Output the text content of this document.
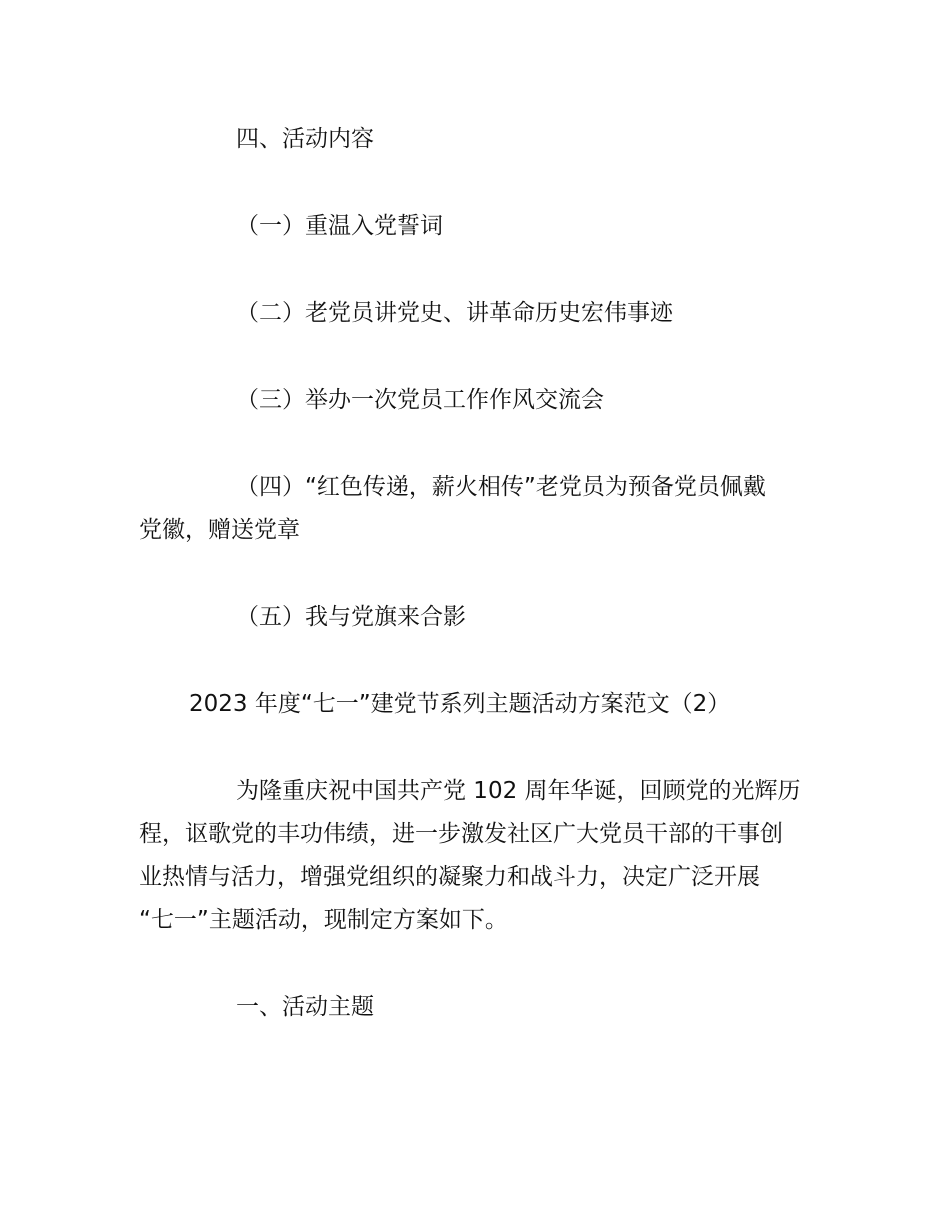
四、活动内容

（一）重温入党誓词

（二）老党员讲党史、讲革命历史宏伟事迹

（三）举办一次党员工作作风交流会

（四）“红色传递，薪火相传”老党员为预备党员佩戴

党徽，赠送党章

（五）我与党旗来合影

2023 年度“七一”建党节系列主题活动方案范文（2）

为隆重庆祝中国共产党 102 周年华诞，回顾党的光辉历

程，讴歌党的丰功伟绩，进一步激发社区广大党员干部的干事创

业热情与活力，增强党组织的凝聚力和战斗力，决定广泛开展

“七一”主题活动，现制定方案如下。

一、活动主题
